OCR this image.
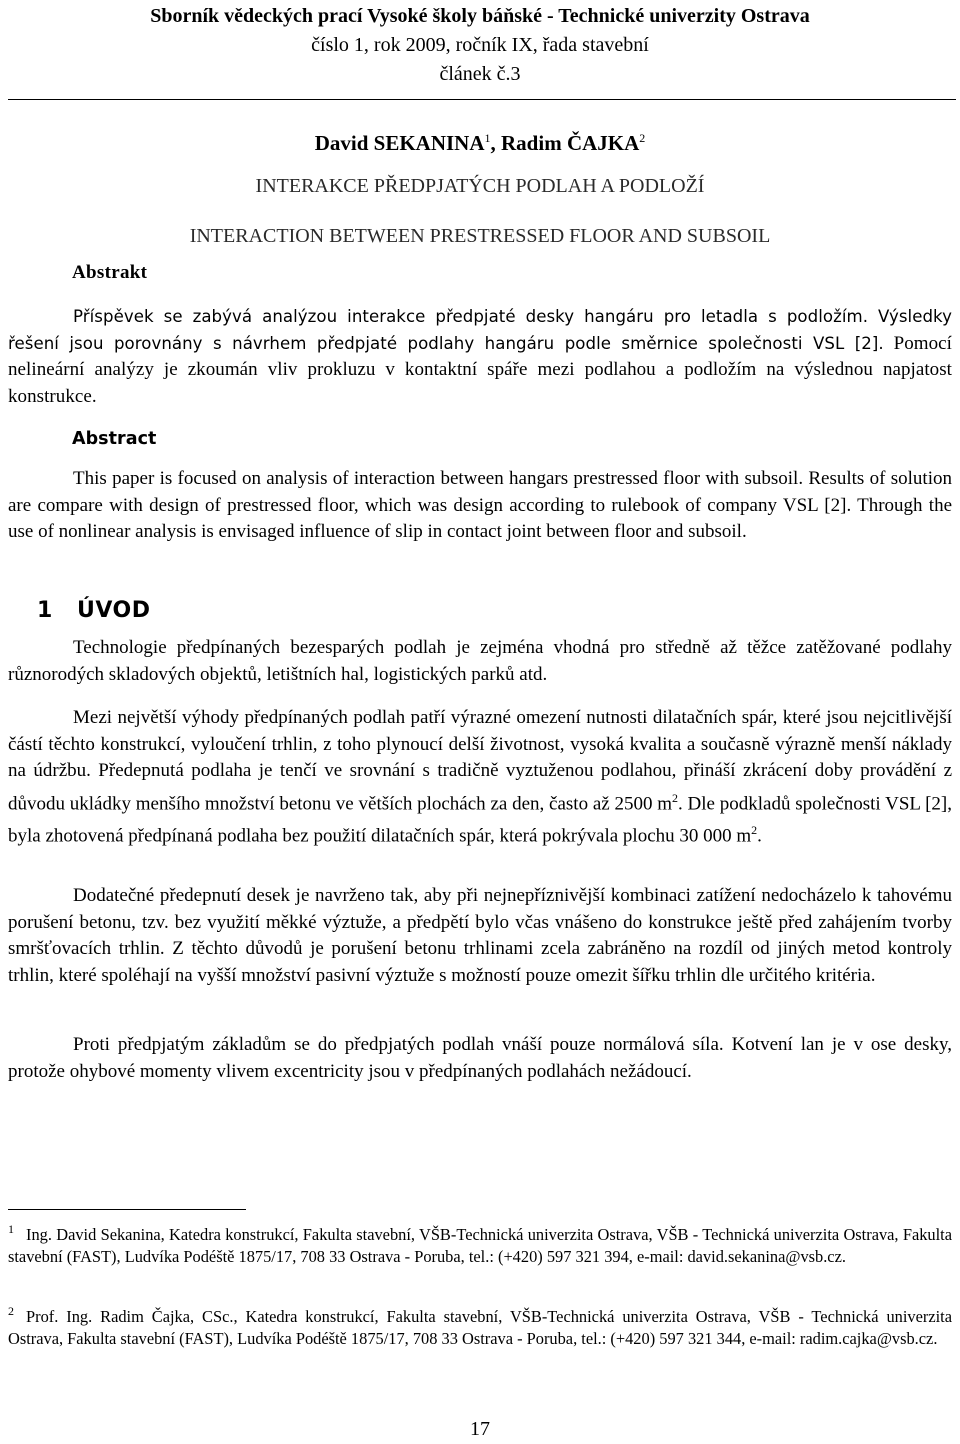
Sborník vědeckých prací Vysoké školy báňské - Technické univerzity Ostrava
číslo 1, rok 2009, ročník IX, řada stavební
článek č.3
David SEKANINA$^1$, Radim ČAJKA$^2$
INTERAKCE PŘEDPJATÝCH PODLAH A PODLOŽÍ
INTERACTION BETWEEN PRESTRESSED FLOOR AND SUBSOIL
Abstrakt
Příspěvek se zabývá analýzou interakce předpjaté desky hangáru pro letadla s podložím. Výsledky řešení jsou porovnány s návrhem předpjaté podlahy hangáru podle směrnice společnosti VSL [2]. Pomocí nelineární analýzy je zkoumán vliv prokluzu v kontaktní spáře mezi podlahou a podložím na výslednou napjatost konstrukce.
Abstract
This paper is focused on analysis of interaction between hangars prestressed floor with subsoil. Results of solution are compare with design of prestressed floor, which was design according to rulebook of company VSL [2]. Through the use of nonlinear analysis is envisaged influence of slip in contact joint between floor and subsoil.
1 ÚVOD
Technologie předpínaných bezesparých podlah je zejména vhodná pro středně až těžce zatěžované podlahy různorodých skladových objektů, letištních hal, logistických parků atd.
Mezi největší výhody předpínaných podlah patří výrazné omezení nutnosti dilatačních spár, které jsou nejcitlivější částí těchto konstrukcí, vyloučení trhlin, z toho plynoucí delší životnost, vysoká kvalita a současně výrazně menší náklady na údržbu. Předepnutá podlaha je tenčí ve srovnání s tradičně vyztuženou podlahou, přináší zkrácení doby provádění z důvodu ukládky menšího množství betonu ve větších plochách za den, často až 2500 $m^2$. Dle podkladů společnosti VSL [2], byla zhotovená předpínaná podlaha bez použití dilatačních spár, která pokrývala plochu 30 000 $m^2$.
Dodatečné předepnutí desek je navrženo tak, aby při nejnepříznivější kombinaci zatížení nedocházelo k tahovému porušení betonu, tzv. bez využití měkké výztuže, a předpětí bylo včas vnášeno do konstrukce ještě před zahájením tvorby smršťovacích trhlin. Z těchto důvodů je porušení betonu trhlinami zcela zabráněno na rozdíl od jiných metod kontroly trhlin, které spoléhají na vyšší množství pasivní výztuže s možností pouze omezit šířku trhlin dle určitého kritéria.
Proti předpjatým základům se do předpjatých podlah vnáší pouze normálová síla. Kotvení lan je v ose desky, protože ohybové momenty vlivem excentricity jsou v předpínaných podlahách nežádoucí.
1 Ing. David Sekanina, Katedra konstrukcí, Fakulta stavební, VŠB-Technická univerzita Ostrava, VŠB - Technická univerzita Ostrava, Fakulta stavební (FAST), Ludvíka Podéště 1875/17, 708 33 Ostrava - Poruba, tel.: (+420) 597 321 394, e-mail: david.sekanina@vsb.cz.
2 Prof. Ing. Radim Čajka, CSc., Katedra konstrukcí, Fakulta stavební, VŠB-Technická univerzita Ostrava, VŠB - Technická univerzita Ostrava, Fakulta stavební (FAST), Ludvíka Podéště 1875/17, 708 33 Ostrava - Poruba, tel.: (+420) 597 321 344, e-mail: radim.cajka@vsb.cz.
17
